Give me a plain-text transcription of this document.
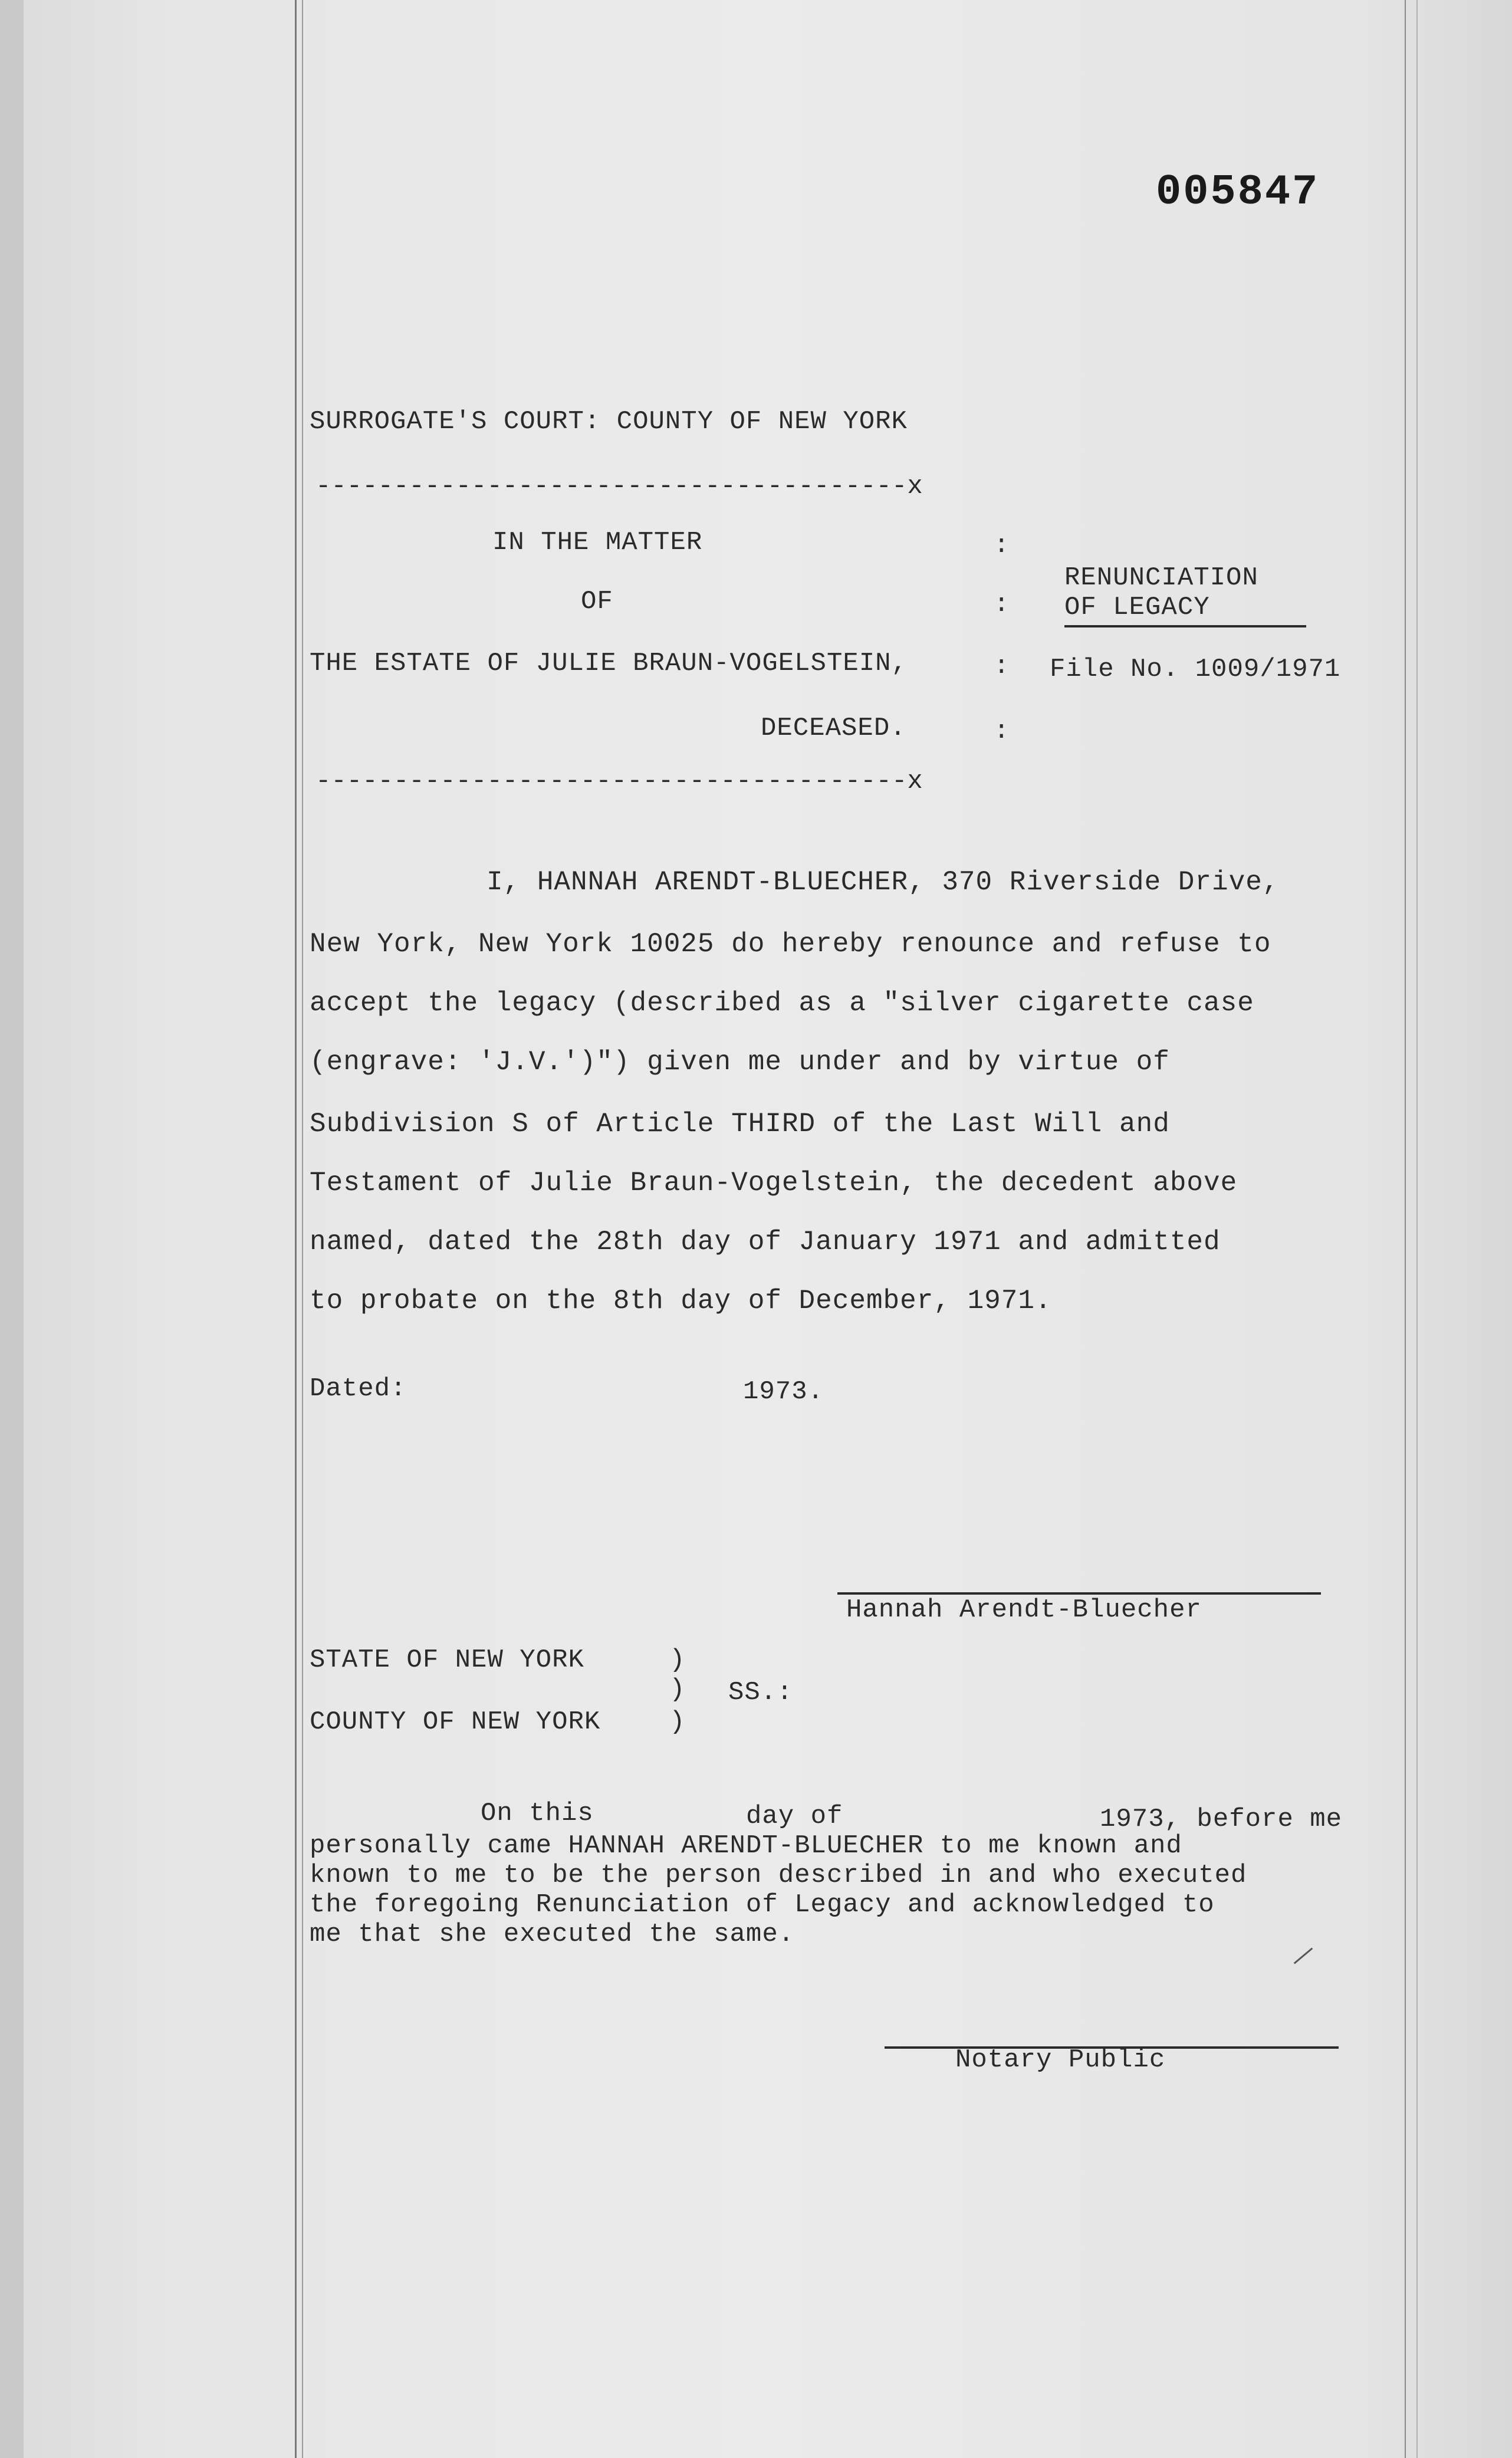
005847
SURROGATE'S COURT: COUNTY OF NEW YORK
--------------------------------------x
IN THE MATTER	:
RENUNCIATION
OF	: OF LEGACY
THE ESTATE OF JULIE BRAUN-VOGELSTEIN,	: File No. 1009/1971
DECEASED.	:
--------------------------------------x
I, HANNAH ARENDT-BLUECHER, 370 Riverside Drive,
New York, New York 10025 do hereby renounce and refuse to
accept the legacy (described as a "silver cigarette case
(engrave: 'J.V.')") given me under and by virtue of
Subdivision S of Article THIRD of the Last Will and
Testament of Julie Braun-Vogelstein, the decedent above
named, dated the 28th day of January 1971 and admitted
to probate on the 8th day of December, 1971.
Dated:	1973.
Hannah Arendt-Bluecher
STATE OF NEW YORK	)
) SS.:
COUNTY OF NEW YORK	)
On this	day of	1973, before me
personally came HANNAH ARENDT-BLUECHER to me known and
known to me to be the person described in and who executed
the foregoing Renunciation of Legacy and acknowledged to
me that she executed the same.
Notary Public
